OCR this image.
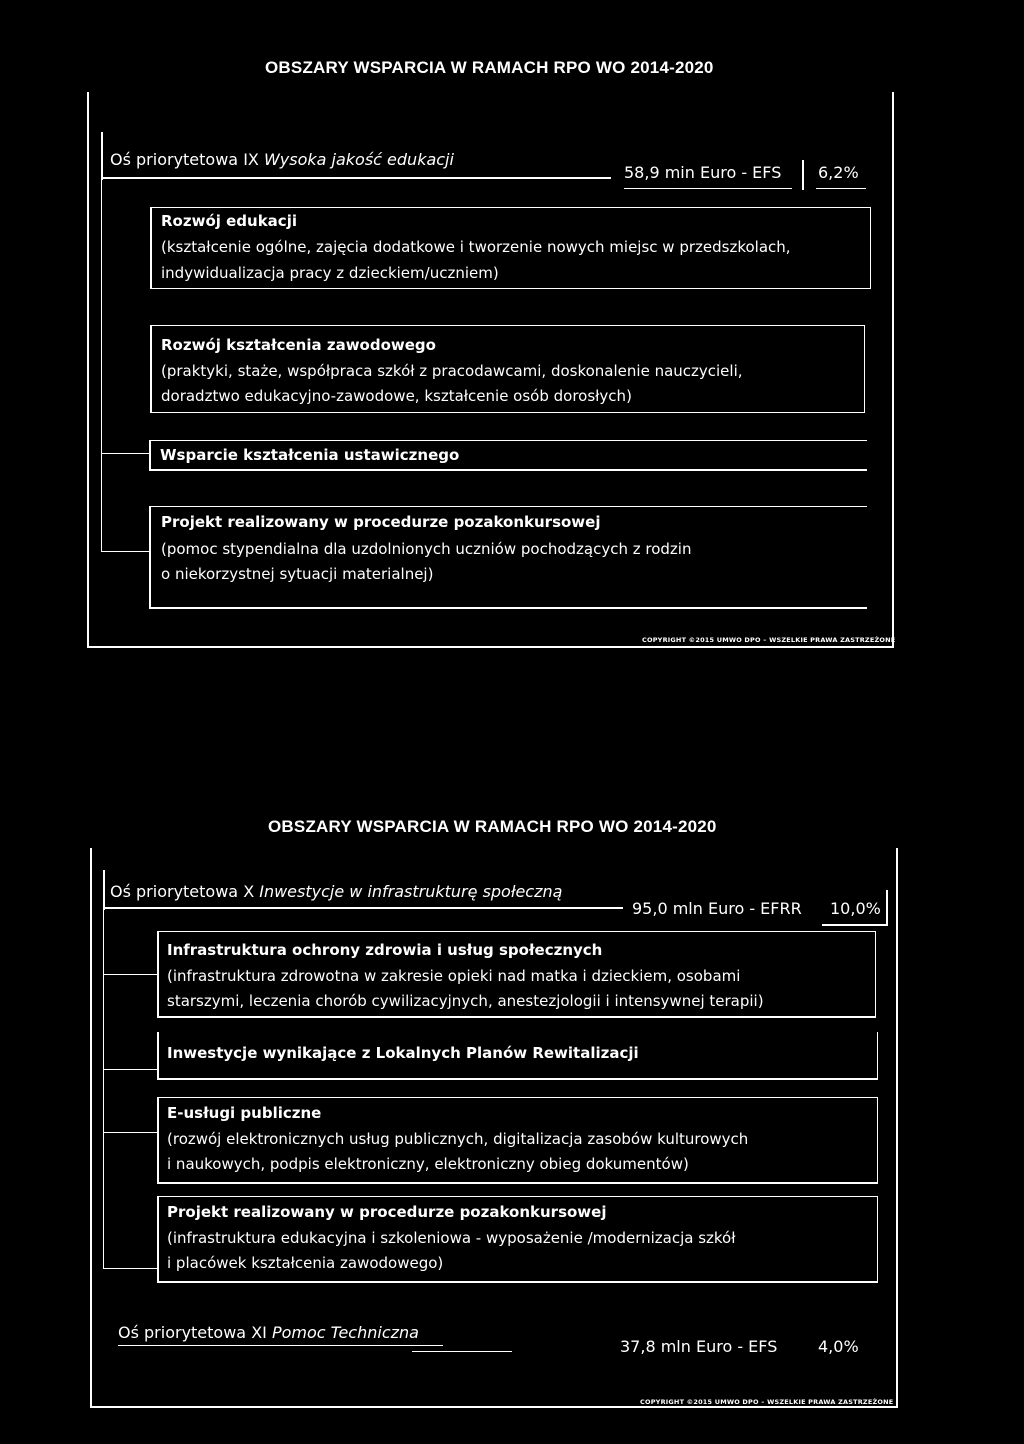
OBSZARY WSPARCIA W RAMACH RPO WO 2014-2020
Oś priorytetowa IX Wysoka jakość edukacji
58,9 min Euro - EFS 6,2%
Rozwój edukacji
(kształcenie ogólne, zajęcia dodatkowe i tworzenie nowych miejsc w przedszkolach,
indywidualizacja pracy z dzieckiem/uczniem)
Rozwój kształcenia zawodowego
(praktyki, staże, współpraca szkół z pracodawcami, doskonalenie nauczycieli,
doradztwo edukacyjno-zawodowe, kształcenie osób dorosłych)
Wsparcie kształcenia ustawicznego
Projekt realizowany w procedurze pozakonkursowej
(pomoc stypendialna dla uzdolnionych uczniów pochodzących z rodzin
o niekorzystnej sytuacji materialnej)
COPYRIGHT ©2015 UMWO DPO – WSZELKIE PRAWA ZASTRZEŻONE
OBSZARY WSPARCIA W RAMACH RPO WO 2014-2020
Oś priorytetowa X Inwestycje w infrastrukturę społeczną
95,0 mln Euro - EFRR 10,0%
Infrastruktura ochrony zdrowia i usług społecznych
(infrastruktura zdrowotna w zakresie opieki nad matka i dzieckiem, osobami
starszymi, leczenia chorób cywilizacyjnych, anestezjologii i intensywnej terapii)
Inwestycje wynikające z Lokalnych Planów Rewitalizacji
E-usługi publiczne
(rozwój elektronicznych usług publicznych, digitalizacja zasobów kulturowych
i naukowych, podpis elektroniczny, elektroniczny obieg dokumentów)
Projekt realizowany w procedurze pozakonkursowej
(infrastruktura edukacyjna i szkoleniowa - wyposażenie /modernizacja szkół
i placówek kształcenia zawodowego)
Oś priorytetowa XI Pomoc Techniczna
37,8 mln Euro - EFS	4,0%
COPYRIGHT ©2015 UMWO DPO – WSZELKIE PRAWA ZASTRZEŻONE
